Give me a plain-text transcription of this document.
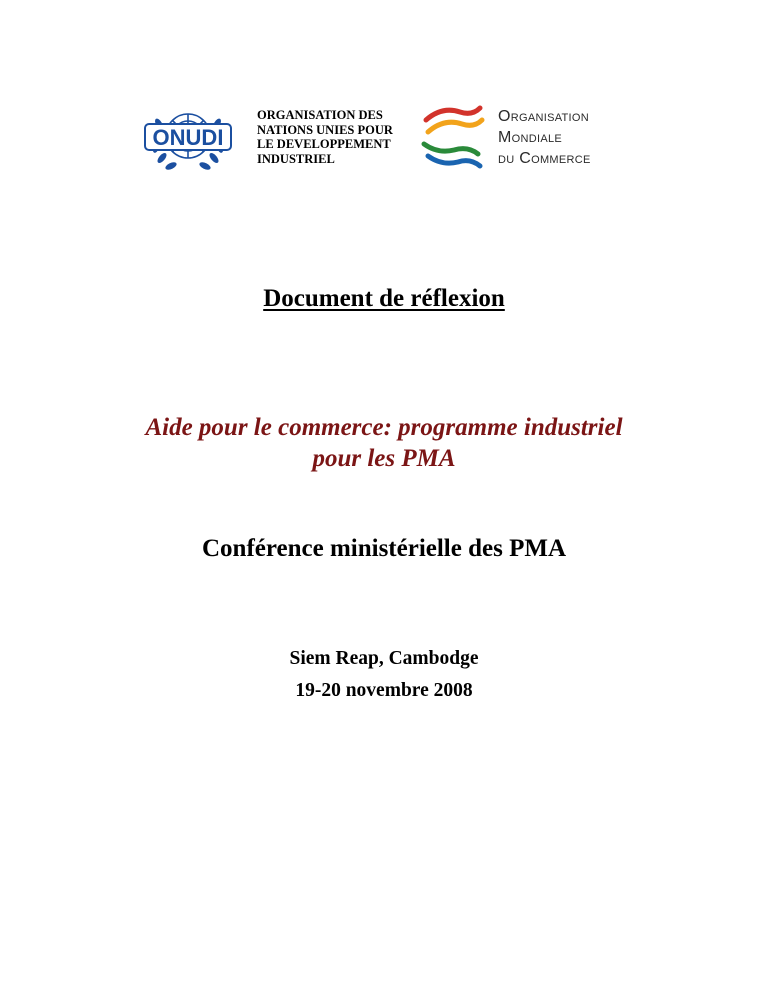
ONUDI
ORGANISATION DES
NATIONS UNIES POUR
LE DEVELOPPEMENT
INDUSTRIEL
Organisation
Mondiale
du Commerce
Document de réflexion
Aide pour le commerce: programme industriel
pour les PMA
Conférence ministérielle des PMA
Siem Reap, Cambodge
19-20 novembre 2008
